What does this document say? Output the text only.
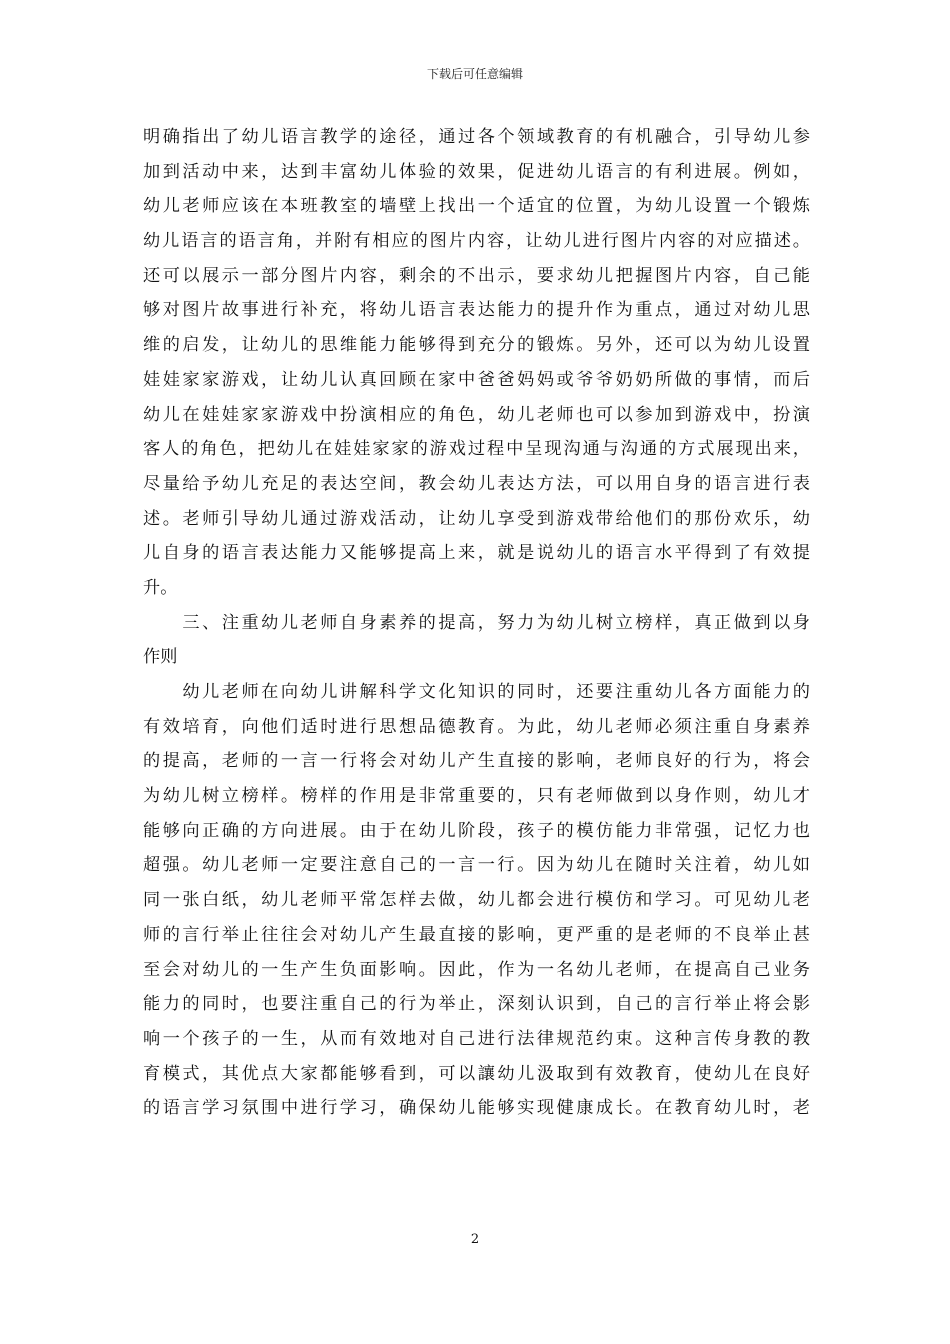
下载后可任意编辑
明确指出了幼儿语言教学的途径，通过各个领域教育的有机融合，引导幼儿参
加到活动中来，达到丰富幼儿体验的效果，促进幼儿语言的有利进展。例如，
幼儿老师应该在本班教室的墙壁上找出一个适宜的位置，为幼儿设置一个锻炼
幼儿语言的语言角，并附有相应的图片内容，让幼儿进行图片内容的对应描述。
还可以展示一部分图片内容，剩余的不出示，要求幼儿把握图片内容，自己能
够对图片故事进行补充，将幼儿语言表达能力的提升作为重点，通过对幼儿思
维的启发，让幼儿的思维能力能够得到充分的锻炼。另外，还可以为幼儿设置
娃娃家家游戏，让幼儿认真回顾在家中爸爸妈妈或爷爷奶奶所做的事情，而后
幼儿在娃娃家家游戏中扮演相应的角色，幼儿老师也可以参加到游戏中，扮演
客人的角色，把幼儿在娃娃家家的游戏过程中呈现沟通与沟通的方式展现出来，
尽量给予幼儿充足的表达空间，教会幼儿表达方法，可以用自身的语言进行表
述。老师引导幼儿通过游戏活动，让幼儿享受到游戏带给他们的那份欢乐，幼
儿自身的语言表达能力又能够提高上来，就是说幼儿的语言水平得到了有效提
升。
　　三、注重幼儿老师自身素养的提高，努力为幼儿树立榜样，真正做到以身
作则
　　幼儿老师在向幼儿讲解科学文化知识的同时，还要注重幼儿各方面能力的
有效培育，向他们适时进行思想品德教育。为此，幼儿老师必须注重自身素养
的提高，老师的一言一行将会对幼儿产生直接的影响，老师良好的行为，将会
为幼儿树立榜样。榜样的作用是非常重要的，只有老师做到以身作则，幼儿才
能够向正确的方向进展。由于在幼儿阶段，孩子的模仿能力非常强，记忆力也
超强。幼儿老师一定要注意自己的一言一行。因为幼儿在随时关注着，幼儿如
同一张白纸，幼儿老师平常怎样去做，幼儿都会进行模仿和学习。可见幼儿老
师的言行举止往往会对幼儿产生最直接的影响，更严重的是老师的不良举止甚
至会对幼儿的一生产生负面影响。因此，作为一名幼儿老师，在提高自己业务
能力的同时，也要注重自己的行为举止，深刻认识到，自己的言行举止将会影
响一个孩子的一生，从而有效地对自己进行法律规范约束。这种言传身教的教
育模式，其优点大家都能够看到，可以讓幼儿汲取到有效教育，使幼儿在良好
的语言学习氛围中进行学习，确保幼儿能够实现健康成长。在教育幼儿时，老
2
